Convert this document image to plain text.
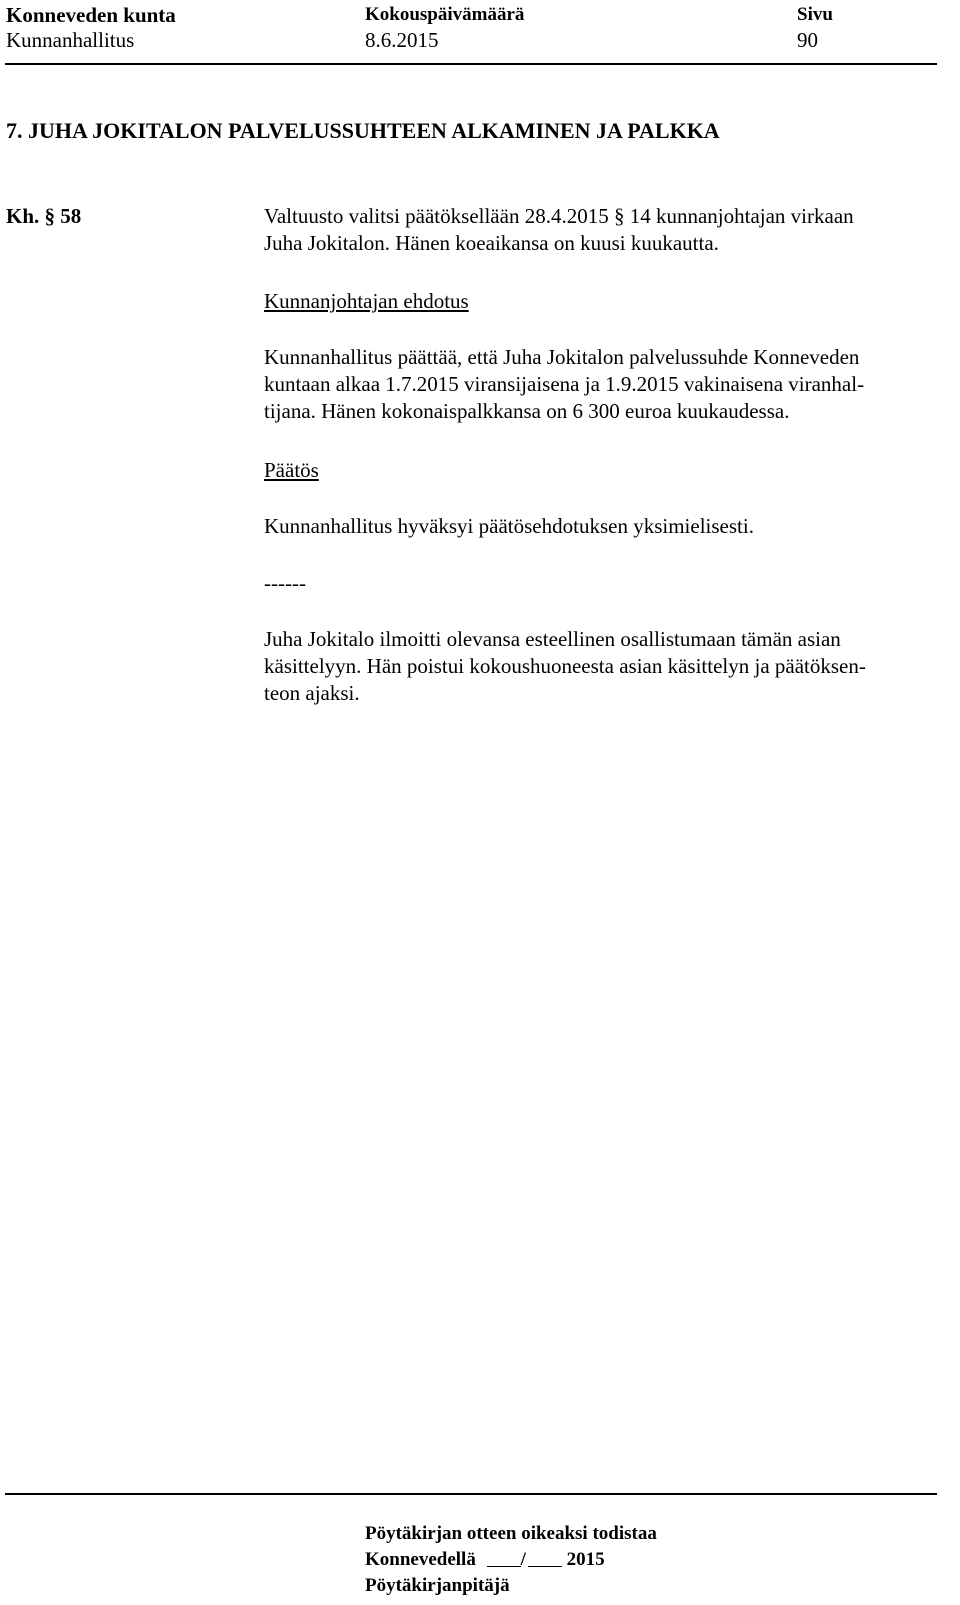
Konneveden kunta
Kunnanhallitus
Kokouspäivämäärä
8.6.2015
Sivu
90
7. JUHA JOKITALON PALVELUSSUHTEEN ALKAMINEN JA PALKKA
Kh. § 58	Valtuusto valitsi päätöksellään 28.4.2015 § 14 kunnanjohtajan virkaan
Juha Jokitalon. Hänen koeaikansa on kuusi kuukautta.
Kunnanjohtajan ehdotus
Kunnanhallitus päättää, että Juha Jokitalon palvelussuhde Konneveden
kuntaan alkaa 1.7.2015 viransijaisena ja 1.9.2015 vakinaisena viranhal-
tijana. Hänen kokonaispalkkansa on 6 300 euroa kuukaudessa.
Päätös
Kunnanhallitus hyväksyi päätösehdotuksen yksimielisesti.
------
Juha Jokitalo ilmoitti olevansa esteellinen osallistumaan tämän asian
käsittelyyn. Hän poistui kokoushuoneesta asian käsittelyn ja päätöksen-
teon ajaksi.
Pöytäkirjan otteen oikeaksi todistaa
Konnevedellä / 2015
Pöytäkirjanpitäjä
